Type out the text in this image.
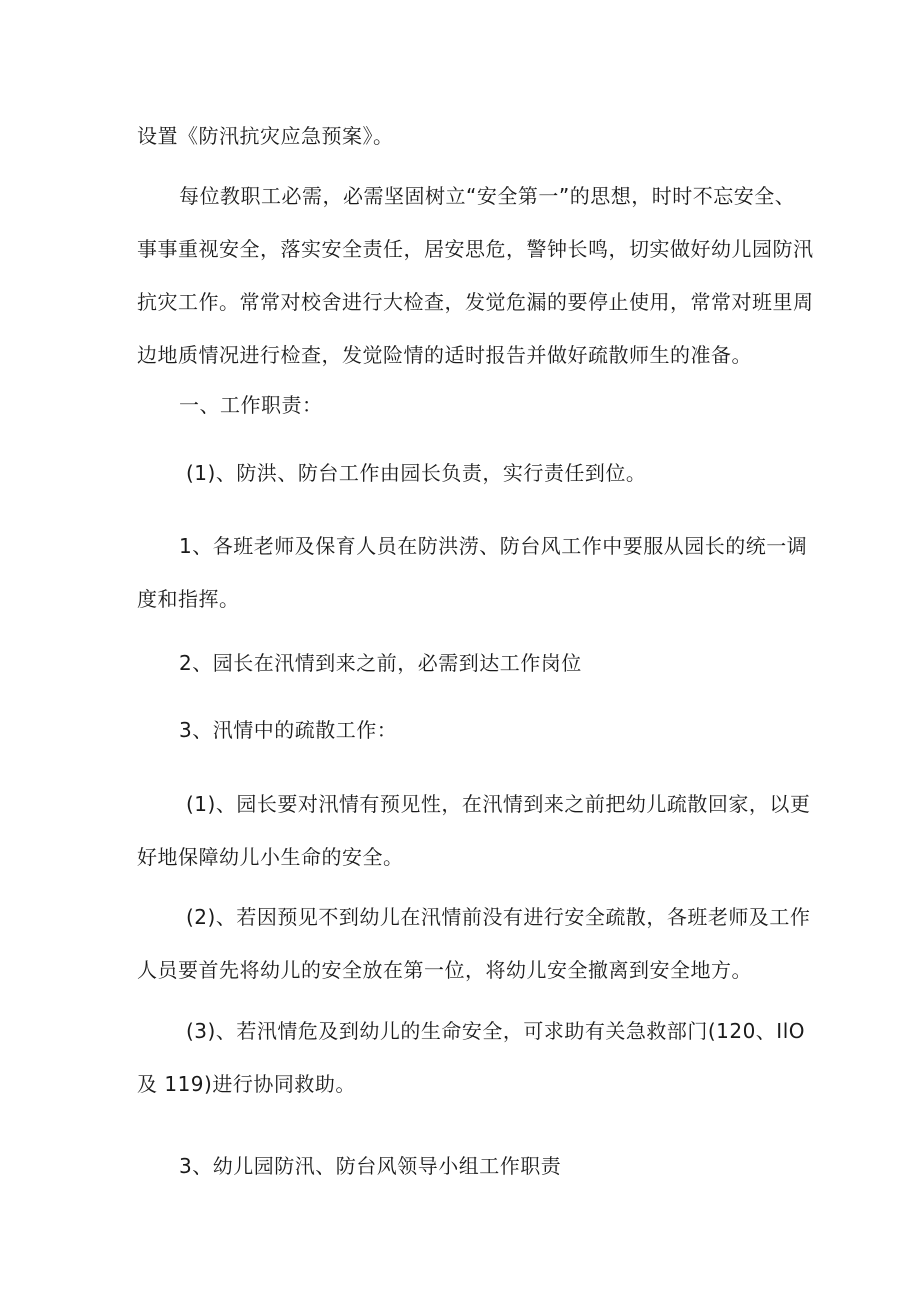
设置《防汛抗灾应急预案》。

每位教职工必需，必需坚固树立“安全第一”的思想，时时不忘安全、
事事重视安全，落实安全责任，居安思危，警钟长鸣，切实做好幼儿园防汛
抗灾工作。常常对校舍进行大检查，发觉危漏的要停止使用，常常对班里周
边地质情况进行检查，发觉险情的适时报告并做好疏散师生的准备。

一、工作职责：

(1)、防洪、防台工作由园长负责，实行责任到位。

1、各班老师及保育人员在防洪涝、防台风工作中要服从园长的统一调
度和指挥。

2、园长在汛情到来之前，必需到达工作岗位

3、汛情中的疏散工作：

(1)、园长要对汛情有预见性，在汛情到来之前把幼儿疏散回家，以更
好地保障幼儿小生命的安全。

(2)、若因预见不到幼儿在汛情前没有进行安全疏散，各班老师及工作
人员要首先将幼儿的安全放在第一位，将幼儿安全撤离到安全地方。

(3)、若汛情危及到幼儿的生命安全，可求助有关急救部门(120、IlO
及 119)进行协同救助。

3、幼儿园防汛、防台风领导小组工作职责
